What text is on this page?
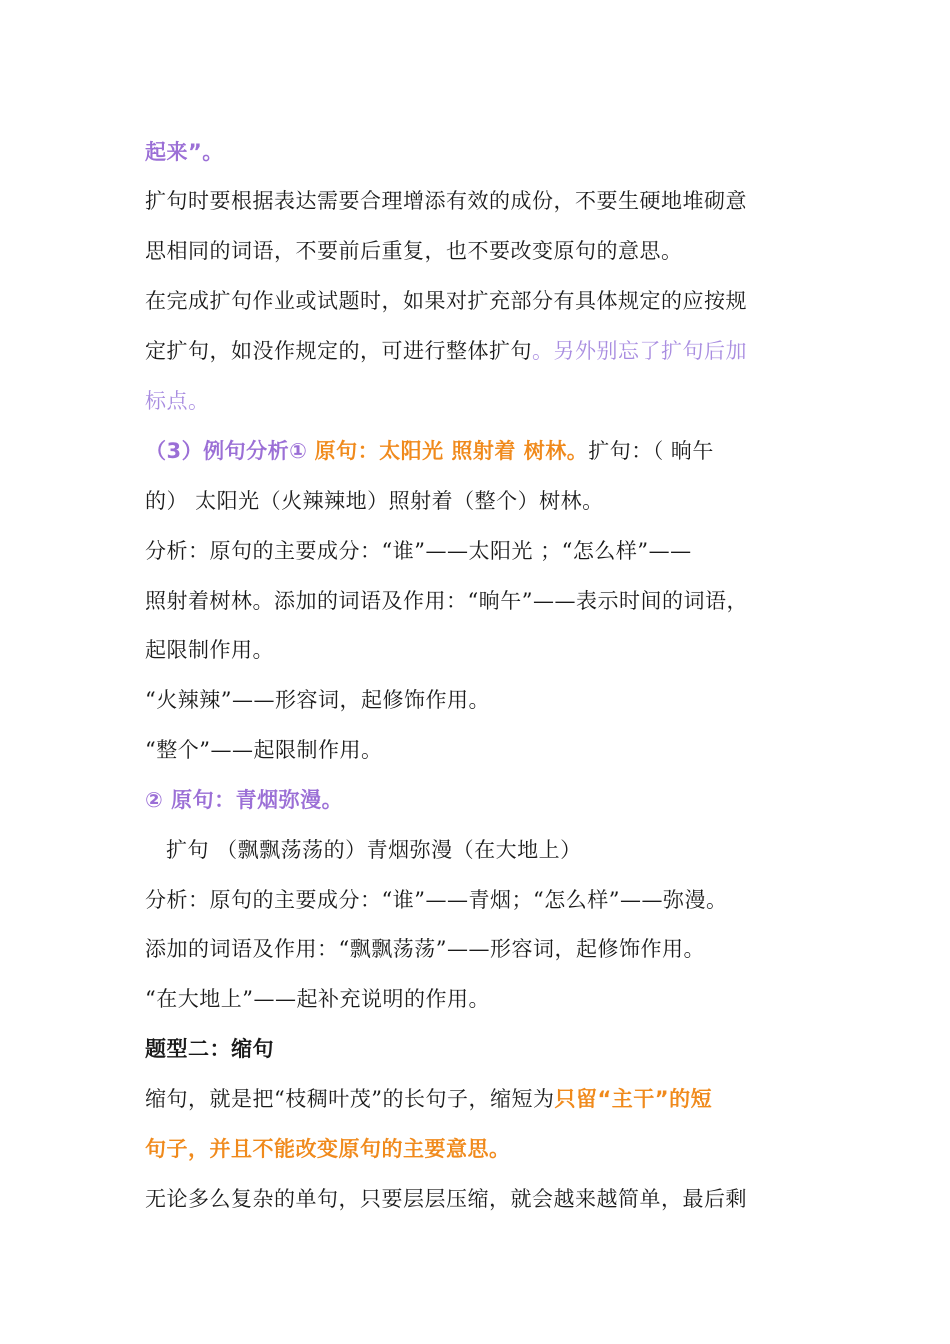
起来”。
扩句时要根据表达需要合理增添有效的成份，不要生硬地堆砌意
思相同的词语，不要前后重复，也不要改变原句的意思。
在完成扩句作业或试题时，如果对扩充部分有具体规定的应按规
定扩句，如没作规定的，可进行整体扩句。另外别忘了扩句后加
标点。
（3）例句分析① 原句：太阳光 照射着 树林。扩句：（ 晌午
的） 太阳光（火辣辣地）照射着（整个）树林。
分析：原句的主要成分：“谁”——太阳光 ；“怎么样”——
照射着树林。添加的词语及作用：“晌午”——表示时间的词语，
起限制作用。
“火辣辣”——形容词，起修饰作用。
“整个”——起限制作用。
② 原句：青烟弥漫。
扩句 （飘飘荡荡的）青烟弥漫（在大地上）
分析：原句的主要成分：“谁”——青烟；“怎么样”——弥漫。
添加的词语及作用：“飘飘荡荡”——形容词，起修饰作用。
“在大地上”——起补充说明的作用。
题型二：缩句
缩句，就是把“枝稠叶茂”的长句子，缩短为只留“主干”的短
句子，并且不能改变原句的主要意思。
无论多么复杂的单句，只要层层压缩，就会越来越简单，最后剩
